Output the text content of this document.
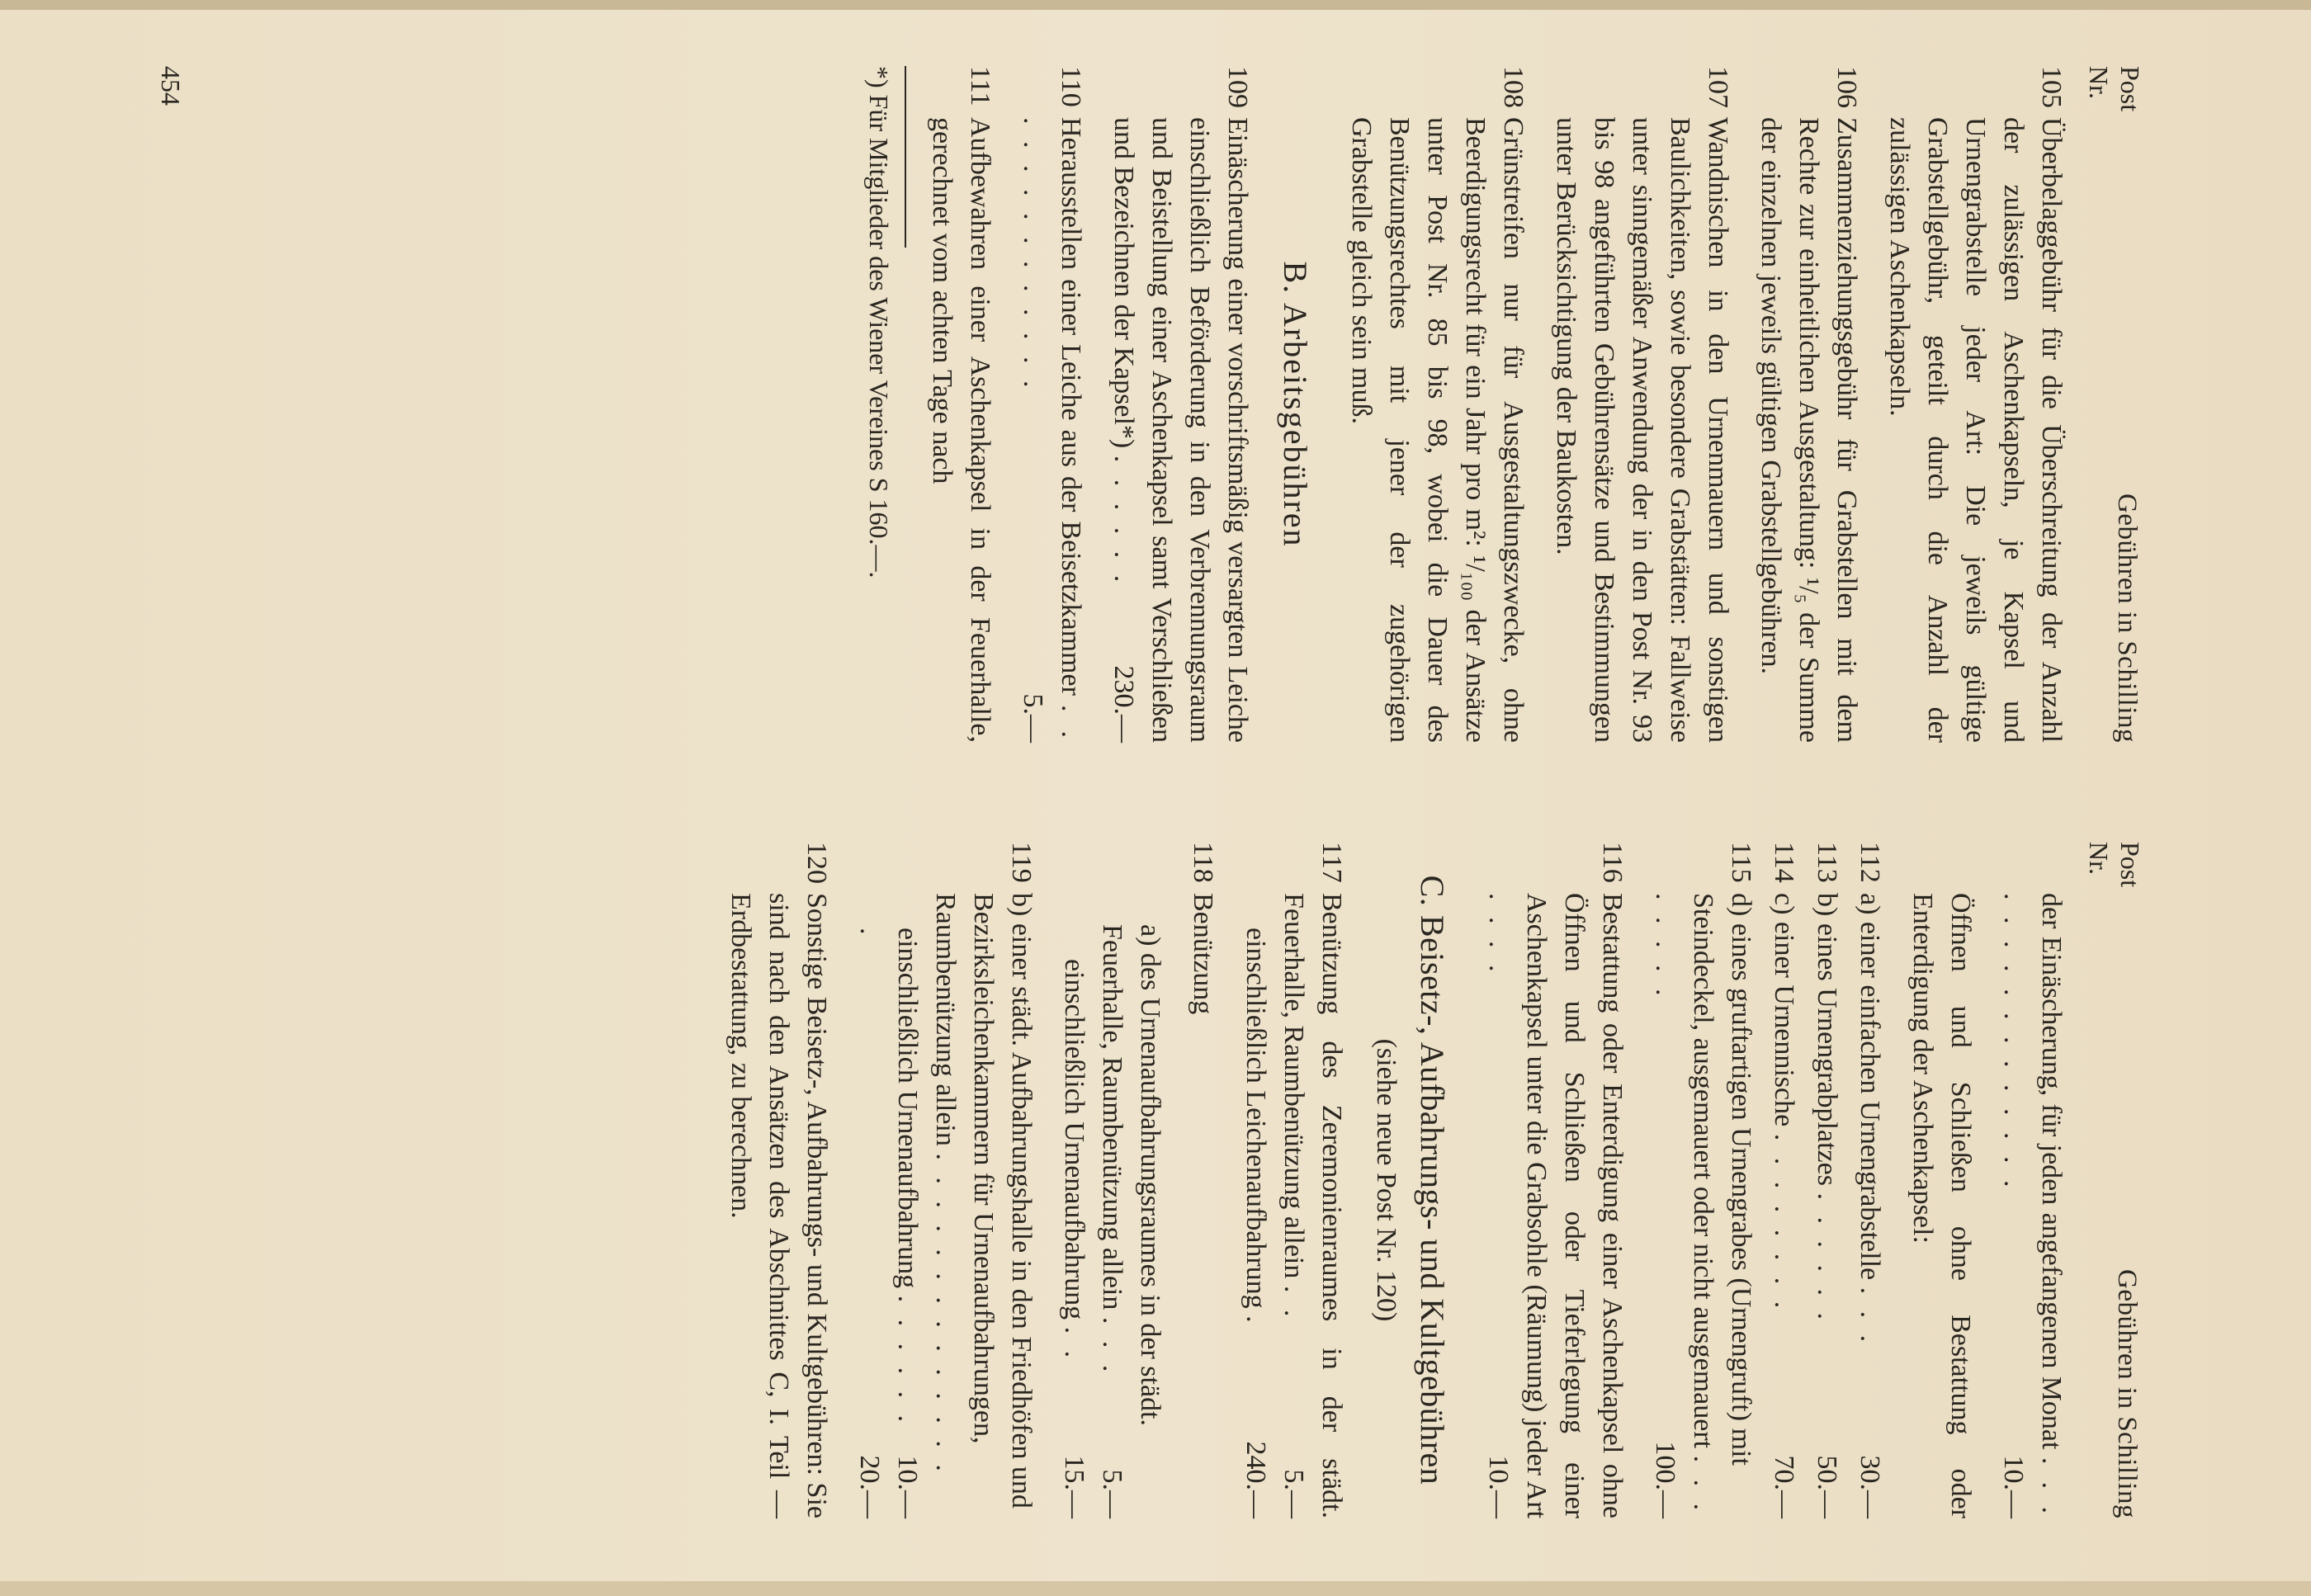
Post
Nr.
Gebühren in Schilling
105
Überbelaggebühr für die Überschreitung der Anzahl der zulässigen Aschenkapseln, je Kapsel und Urnengrabstelle jeder Art: Die jeweils gültige Grabstellgebühr, geteilt durch die Anzahl der zulässigen Aschenkapseln.
106
Zusammenziehungsgebühr für Grabstellen mit dem Rechte zur einheitlichen Ausgestaltung: ¹/₅ der Summe der einzelnen jeweils gültigen Grabstellgebühren.
107
Wandnischen in den Urnenmauern und sonstigen Baulichkeiten, sowie besondere Grabstätten: Fallweise unter sinngemäßer Anwendung der in den Post Nr. 93 bis 98 angeführten Gebührensätze und Bestimmungen unter Berücksichtigung der Baukosten.
108
Grünstreifen nur für Ausgestaltungszwecke, ohne Beerdigungsrecht für ein Jahr pro m²: ¹/₁₀₀ der Ansätze unter Post Nr. 85 bis 98, wobei die Dauer des Benützungsrechtes mit jener der zugehörigen Grabstelle gleich sein muß.
B. Arbeitsgebühren
109
Einäscherung einer vorschriftsmäßig versargten Leiche einschließlich Beförderung in den Verbrennungsraum und Beistellung einer Aschenkapsel samt Verschließen und Bezeichnen der Kapsel*) . . . . . .
230.—
110
Herausstellen einer Leiche aus der Beisetzkammer . . . . . . . . . . . . . .
5.—
111
Aufbewahren einer Aschenkapsel in der Feuerhalle, gerechnet vom achten Tage nach
*) Für Mitglieder des Wiener Vereines S 160.—.
Post
Nr.
Gebühren in Schilling
der Einäscherung, für jeden angefangenen Monat . . . . . . . . . . . . . . . .
10.—
Öffnen und Schließen ohne Bestattung oder Enterdigung der Aschenkapsel:
112
a) einer einfachen Urnengrabstelle . . .
30.—
113
b) eines Urnengrabplatzes . . . . . .
50.—
114
c) einer Urnennische . . . . . . . .
70.—
115
d) eines gruftartigen Urnengrabes (Urnengruft) mit Steindeckel, ausgemauert oder nicht ausgemauert . . . . . . . .
100.—
116
Bestattung oder Enterdigung einer Aschenkapsel ohne Öffnen und Schließen oder Tieferlegung einer Aschenkapsel unter die Grabsohle (Räumung) jeder Art . . . .
10.—
C. Beisetz-, Aufbahrungs- und Kultgebühren
(siehe neue Post Nr. 120)
117
Benützung des Zeremonienraumes in der städt. Feuerhalle, Raumbenützung allein . .
5.—
einschließlich Leichenaufbahrung .
240.—
118
Benützung
a) des Urnenaufbahrungsraumes in der städt. Feuerhalle, Raumbenützung allein . . .
5.—
einschließlich Urnenaufbahrung . .
15.—
119
b) einer städt. Aufbahrungshalle in den Friedhöfen und Bezirksleichenkammern für Urnenaufbahrungen, Raumbenützung allein . . . . . . . . . . . . . .
10.—
einschließlich Urnenaufbahrung . . . . . . .
20.—
120
Sonstige Beisetz-, Aufbahrungs- und Kultgebühren: Sie sind nach den Ansätzen des Abschnittes C, I. Teil — Erdbestattung, zu berechnen.
454
